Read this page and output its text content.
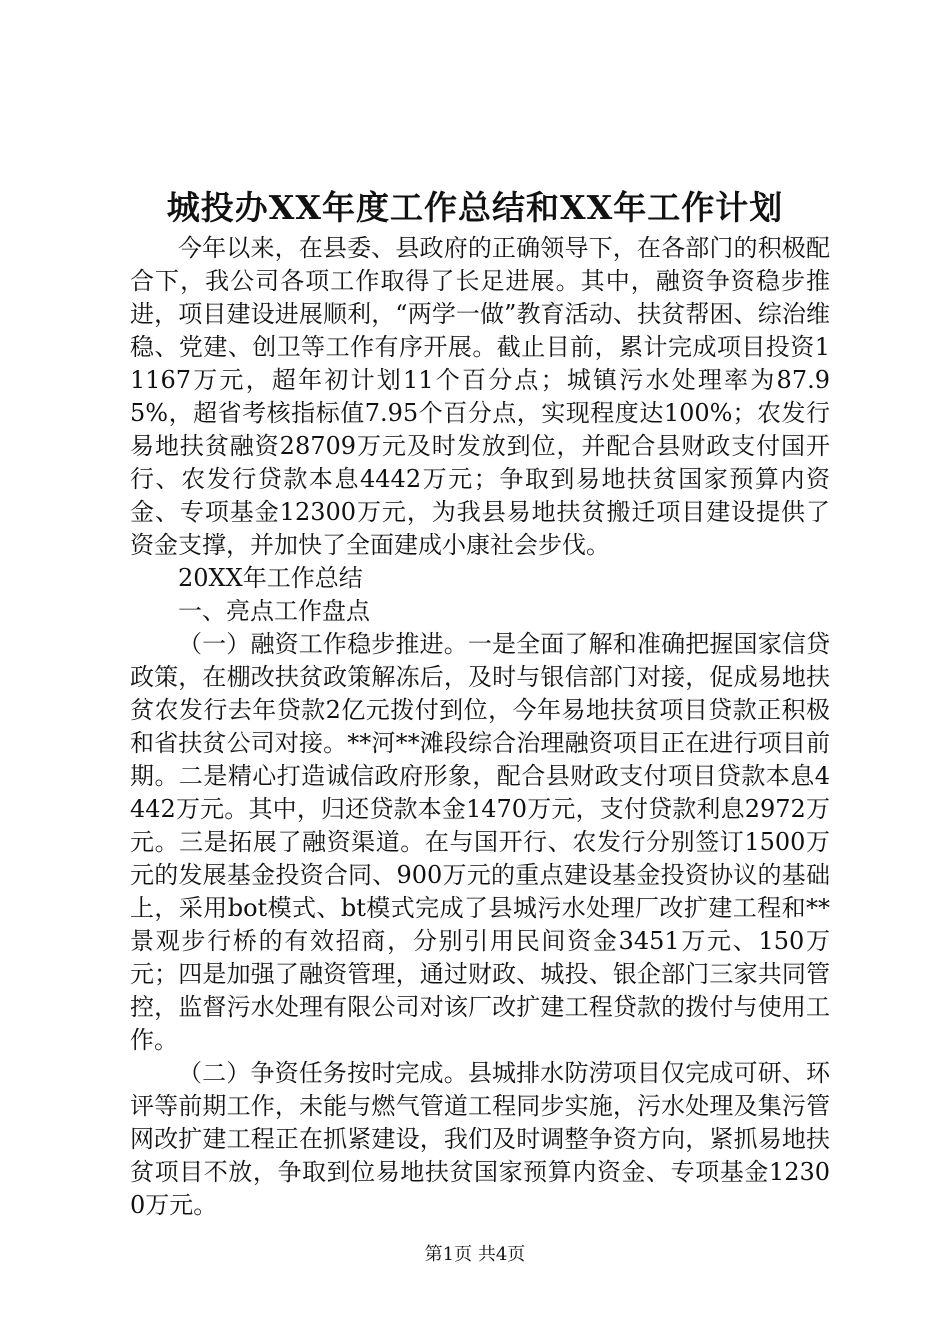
城投办XX年度工作总结和XX年工作计划

今年以来，在县委、县政府的正确领导下，在各部门的积极配合下，我公司各项工作取得了长足进展。其中，融资争资稳步推进，项目建设进展顺利，“两学一做”教育活动、扶贫帮困、综治维稳、党建、创卫等工作有序开展。截止目前，累计完成项目投资11167万元，超年初计划11个百分点；城镇污水处理率为87.95%，超省考核指标值7.95个百分点，实现程度达100%；农发行易地扶贫融资28709万元及时发放到位，并配合县财政支付国开行、农发行贷款本息4442万元；争取到易地扶贫国家预算内资金、专项基金12300万元，为我县易地扶贫搬迁项目建设提供了资金支撑，并加快了全面建成小康社会步伐。

20XX年工作总结

一、亮点工作盘点

（一）融资工作稳步推进。一是全面了解和准确把握国家信贷政策，在棚改扶贫政策解冻后，及时与银信部门对接，促成易地扶贫农发行去年贷款2亿元拨付到位，今年易地扶贫项目贷款正积极和省扶贫公司对接。**河**滩段综合治理融资项目正在进行项目前期。二是精心打造诚信政府形象，配合县财政支付项目贷款本息4442万元。其中，归还贷款本金1470万元，支付贷款利息2972万元。三是拓展了融资渠道。在与国开行、农发行分别签订1500万元的发展基金投资合同、900万元的重点建设基金投资协议的基础上，采用bot模式、bt模式完成了县城污水处理厂改扩建工程和**景观步行桥的有效招商，分别引用民间资金3451万元、150万元；四是加强了融资管理，通过财政、城投、银企部门三家共同管控，监督污水处理有限公司对该厂改扩建工程贷款的拨付与使用工作。

（二）争资任务按时完成。县城排水防涝项目仅完成可研、环评等前期工作，未能与燃气管道工程同步实施，污水处理及集污管网改扩建工程正在抓紧建设，我们及时调整争资方向，紧抓易地扶贫项目不放，争取到位易地扶贫国家预算内资金、专项基金12300万元。

第1页 共4页
